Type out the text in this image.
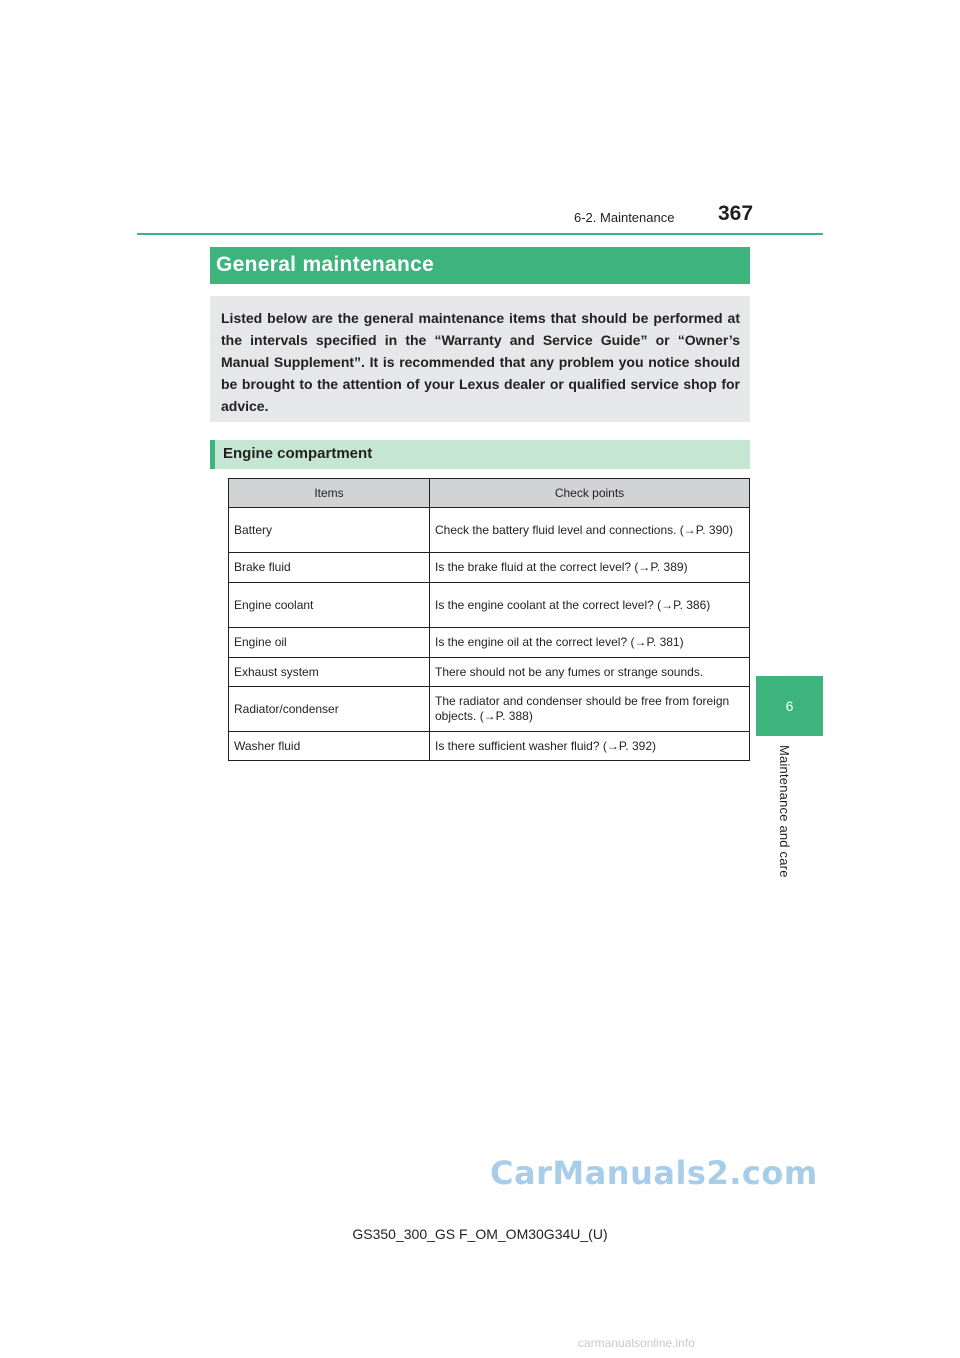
6-2. Maintenance 367
6
Maintenance and care
General maintenance
Listed below are the general maintenance items that should be performed at the intervals specified in the “Warranty and Service Guide” or “Owner’s Manual Supplement”. It is recommended that any problem you notice should be brought to the attention of your Lexus dealer or qualified service shop for advice.
Engine compartment
Items	Check points
Battery	Check the battery fluid level and connections. (→P. 390)
Brake fluid	Is the brake fluid at the correct level? (→P. 389)
Engine coolant	Is the engine coolant at the correct level? (→P. 386)
Engine oil	Is the engine oil at the correct level? (→P. 381)
Exhaust system	There should not be any fumes or strange sounds.
Radiator/condenser	The radiator and condenser should be free from foreign objects. (→P. 388)
Washer fluid	Is there sufficient washer fluid? (→P. 392)
GS350_300_GS F_OM_OM30G34U_(U)
CarManuals2.com
carmanualsonline.info
